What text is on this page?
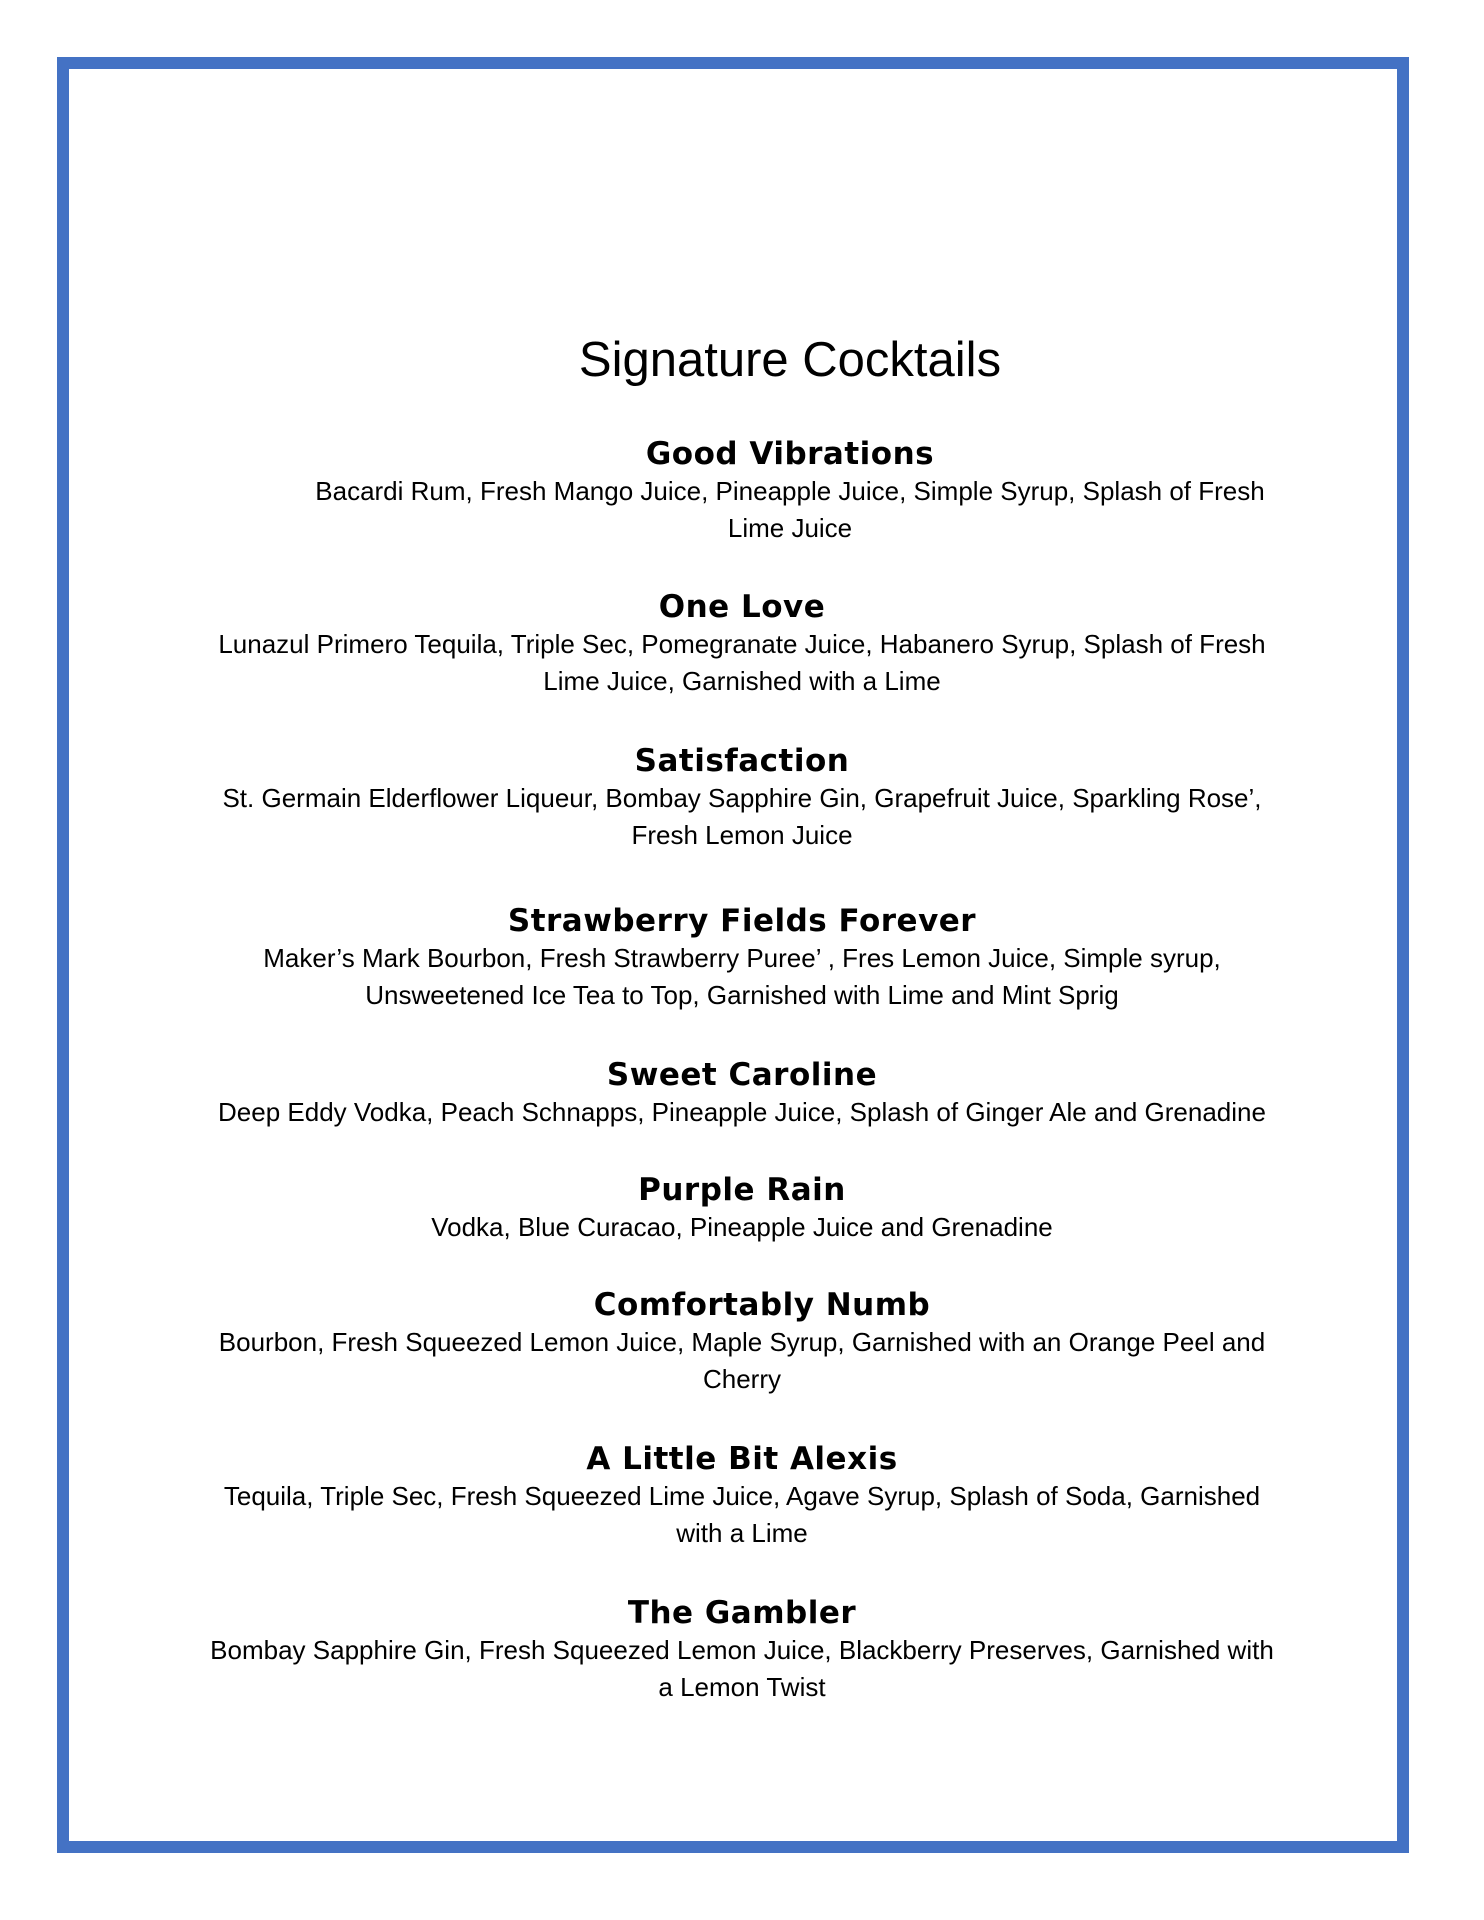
Signature Cocktails
Good Vibrations
Bacardi Rum, Fresh Mango Juice, Pineapple Juice, Simple Syrup, Splash of Fresh
Lime Juice
One Love
Lunazul Primero Tequila, Triple Sec, Pomegranate Juice, Habanero Syrup, Splash of Fresh
Lime Juice, Garnished with a Lime
Satisfaction
St. Germain Elderflower Liqueur, Bombay Sapphire Gin, Grapefruit Juice, Sparkling Rose’,
Fresh Lemon Juice
Strawberry Fields Forever
Maker’s Mark Bourbon, Fresh Strawberry Puree’ , Fres Lemon Juice, Simple syrup,
Unsweetened Ice Tea to Top, Garnished with Lime and Mint Sprig
Sweet Caroline
Deep Eddy Vodka, Peach Schnapps, Pineapple Juice, Splash of Ginger Ale and Grenadine
Purple Rain
Vodka, Blue Curacao, Pineapple Juice and Grenadine
Comfortably Numb
Bourbon, Fresh Squeezed Lemon Juice, Maple Syrup, Garnished with an Orange Peel and
Cherry
A Little Bit Alexis
Tequila, Triple Sec, Fresh Squeezed Lime Juice, Agave Syrup, Splash of Soda, Garnished
with a Lime
The Gambler
Bombay Sapphire Gin, Fresh Squeezed Lemon Juice, Blackberry Preserves, Garnished with
a Lemon Twist
